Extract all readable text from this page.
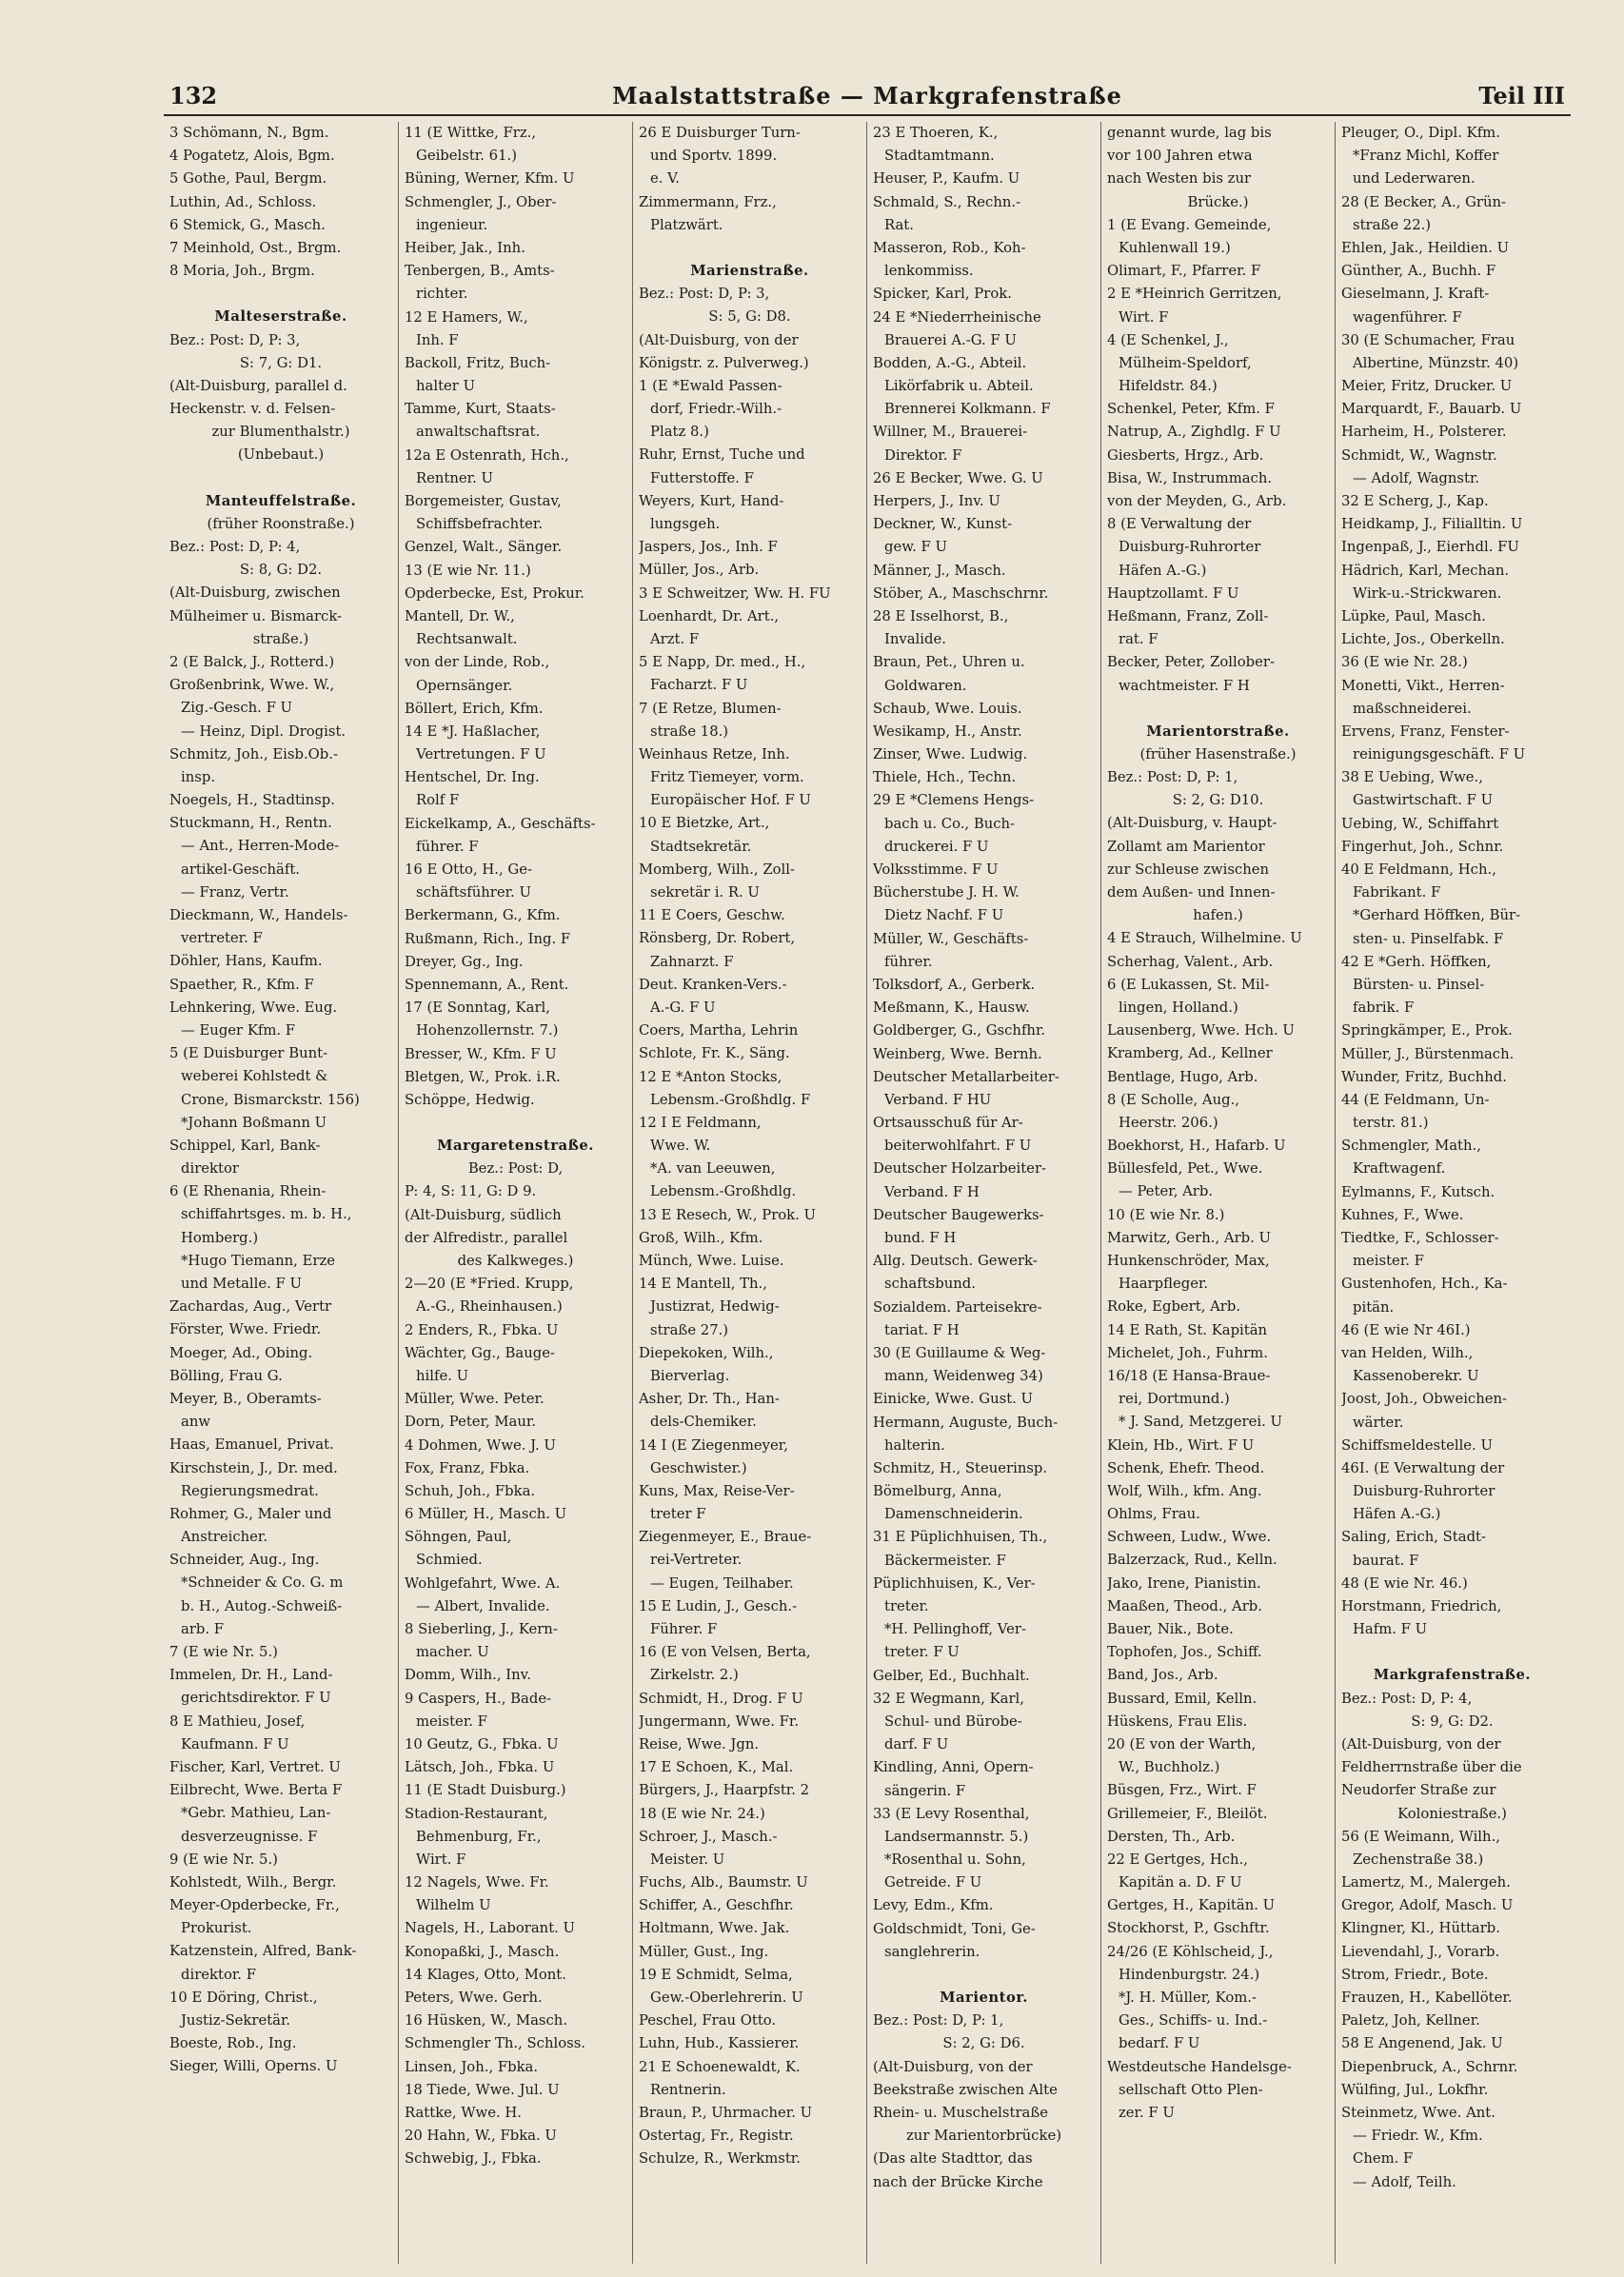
132	Maalstattstraße — Markgrafenstraße	Teil III
3 Schömann, N., Bgm.
4 Pogatetz, Alois, Bgm.
5 Gothe, Paul, Bergm.
Luthin, Ad., Schloss.
6 Stemick, G., Masch.
7 Meinhold, Ost., Brgm.
8 Moria, Joh., Brgm.
Malteserstraße.
Bez.: Post: D, P: 3,
S: 7, G: D1.
(Alt-Duisburg, parallel d.
Heckenstr. v. d. Felsen-
zur Blumenthalstr.)
(Unbebaut.)
Manteuffelstraße.
(früher Roonstraße.)
Bez.: Post: D, P: 4,
S: 8, G: D2.
(Alt-Duisburg, zwischen
Mülheimer u. Bismarck-
straße.)
2 (E Balck, J., Rotterd.)
Großenbrink, Wwe. W.,
Zig.-Gesch. F U
— Heinz, Dipl. Drogist.
Schmitz, Joh., Eisb.Ob.-
insp.
Noegels, H., Stadtinsp.
Stuckmann, H., Rentn.
— Ant., Herren-Mode-
artikel-Geschäft.
— Franz, Vertr.
Dieckmann, W., Handels-
vertreter. F
Döhler, Hans, Kaufm.
Spaether, R., Kfm. F
Lehnkering, Wwe. Eug.
— Euger Kfm. F
5 (E Duisburger Bunt-
weberei Kohlstedt &
Crone, Bismarckstr. 156)
*Johann Boßmann U
Schippel, Karl, Bank-
direktor
6 (E Rhenania, Rhein-
schiffahrtsges. m. b. H.,
Homberg.)
*Hugo Tiemann, Erze
und Metalle. F U
Zachardas, Aug., Vertr
Förster, Wwe. Friedr.
Moeger, Ad., Obing.
Bölling, Frau G.
Meyer, B., Oberamts-
anw
Haas, Emanuel, Privat.
Kirschstein, J., Dr. med.
Regierungsmedrat.
Rohmer, G., Maler und
Anstreicher.
Schneider, Aug., Ing.
*Schneider & Co. G. m
b. H., Autog.-Schweiß-
arb. F
7 (E wie Nr. 5.)
Immelen, Dr. H., Land-
gerichtsdirektor. F U
8 E Mathieu, Josef,
Kaufmann. F U
Fischer, Karl, Vertret. U
Eilbrecht, Wwe. Berta F
*Gebr. Mathieu, Lan-
desverzeugnisse. F
9 (E wie Nr. 5.)
Kohlstedt, Wilh., Bergr.
Meyer-Opderbecke, Fr.,
Prokurist.
Katzenstein, Alfred, Bank-
direktor. F
10 E Döring, Christ.,
Justiz-Sekretär.
Boeste, Rob., Ing.
Sieger, Willi, Operns. U
11 (E Wittke, Frz.,
Geibelstr. 61.)
Büning, Werner, Kfm. U
Schmengler, J., Ober-
ingenieur.
Heiber, Jak., Inh.
Tenbergen, B., Amts-
richter.
12 E Hamers, W.,
Inh. F
Backoll, Fritz, Buch-
halter U
Tamme, Kurt, Staats-
anwaltschaftsrat.
12a E Ostenrath, Hch.,
Rentner. U
Borgemeister, Gustav,
Schiffsbefrachter.
Genzel, Walt., Sänger.
13 (E wie Nr. 11.)
Opderbecke, Est, Prokur.
Mantell, Dr. W.,
Rechtsanwalt.
von der Linde, Rob.,
Opernsänger.
Böllert, Erich, Kfm.
14 E *J. Haßlacher,
Vertretungen. F U
Hentschel, Dr. Ing.
Rolf F
Eickelkamp, A., Geschäfts-
führer. F
16 E Otto, H., Ge-
schäftsführer. U
Berkermann, G., Kfm.
Rußmann, Rich., Ing. F
Dreyer, Gg., Ing.
Spennemann, A., Rent.
17 (E Sonntag, Karl,
Hohenzollernstr. 7.)
Bresser, W., Kfm. F U
Bletgen, W., Prok. i.R.
Schöppe, Hedwig.
Margaretenstraße.
Bez.: Post: D,
P: 4, S: 11, G: D 9.
(Alt-Duisburg, südlich
der Alfredistr., parallel
des Kalkweges.)
2—20 (E *Fried. Krupp,
A.-G., Rheinhausen.)
2 Enders, R., Fbka. U
Wächter, Gg., Bauge-
hilfe. U
Müller, Wwe. Peter.
Dorn, Peter, Maur.
4 Dohmen, Wwe. J. U
Fox, Franz, Fbka.
Schuh, Joh., Fbka.
6 Müller, H., Masch. U
Söhngen, Paul,
Schmied.
Wohlgefahrt, Wwe. A.
— Albert, Invalide.
8 Sieberling, J., Kern-
macher. U
Domm, Wilh., Inv.
9 Caspers, H., Bade-
meister. F
10 Geutz, G., Fbka. U
Lätsch, Joh., Fbka. U
11 (E Stadt Duisburg.)
Stadion-Restaurant,
Behmenburg, Fr.,
Wirt. F
12 Nagels, Wwe. Fr.
Wilhelm U
Nagels, H., Laborant. U
Konopaßki, J., Masch.
14 Klages, Otto, Mont.
Peters, Wwe. Gerh.
16 Hüsken, W., Masch.
Schmengler Th., Schloss.
Linsen, Joh., Fbka.
18 Tiede, Wwe. Jul. U
Rattke, Wwe. H.
20 Hahn, W., Fbka. U
Schwebig, J., Fbka.
26 E Duisburger Turn-
und Sportv. 1899.
e. V.
Zimmermann, Frz.,
Platzwärt.
Marienstraße.
Bez.: Post: D, P: 3,
S: 5, G: D8.
(Alt-Duisburg, von der
Königstr. z. Pulverweg.)
1 (E *Ewald Passen-
dorf, Friedr.-Wilh.-
Platz 8.)
Ruhr, Ernst, Tuche und
Futterstoffe. F
Weyers, Kurt, Hand-
lungsgeh.
Jaspers, Jos., Inh. F
Müller, Jos., Arb.
3 E Schweitzer, Ww. H. FU
Loenhardt, Dr. Art.,
Arzt. F
5 E Napp, Dr. med., H.,
Facharzt. F U
7 (E Retze, Blumen-
straße 18.)
Weinhaus Retze, Inh.
Fritz Tiemeyer, vorm.
Europäischer Hof. F U
10 E Bietzke, Art.,
Stadtsekretär.
Momberg, Wilh., Zoll-
sekretär i. R. U
11 E Coers, Geschw.
Rönsberg, Dr. Robert,
Zahnarzt. F
Deut. Kranken-Vers.-
A.-G. F U
Coers, Martha, Lehrin
Schlote, Fr. K., Säng.
12 E *Anton Stocks,
Lebensm.-Großhdlg. F
12 I E Feldmann,
Wwe. W.
*A. van Leeuwen,
Lebensm.-Großhdlg.
13 E Resech, W., Prok. U
Groß, Wilh., Kfm.
Münch, Wwe. Luise.
14 E Mantell, Th.,
Justizrat, Hedwig-
straße 27.)
Diepekoken, Wilh.,
Bierverlag.
Asher, Dr. Th., Han-
dels-Chemiker.
14 I (E Ziegenmeyer,
Geschwister.)
Kuns, Max, Reise-Ver-
treter F
Ziegenmeyer, E., Braue-
rei-Vertreter.
— Eugen, Teilhaber.
15 E Ludin, J., Gesch.-
Führer. F
16 (E von Velsen, Berta,
Zirkelstr. 2.)
Schmidt, H., Drog. F U
Jungermann, Wwe. Fr.
Reise, Wwe. Jgn.
17 E Schoen, K., Mal.
Bürgers, J., Haarpfstr. 2
18 (E wie Nr. 24.)
Schroer, J., Masch.-
Meister. U
Fuchs, Alb., Baumstr. U
Schiffer, A., Geschfhr.
Holtmann, Wwe. Jak.
Müller, Gust., Ing.
19 E Schmidt, Selma,
Gew.-Oberlehrerin. U
Peschel, Frau Otto.
Luhn, Hub., Kassierer.
21 E Schoenewaldt, K.
Rentnerin.
Braun, P., Uhrmacher. U
Ostertag, Fr., Registr.
Schulze, R., Werkmstr.
23 E Thoeren, K.,
Stadtamtmann.
Heuser, P., Kaufm. U
Schmald, S., Rechn.-
Rat.
Masseron, Rob., Koh-
lenkommiss.
Spicker, Karl, Prok.
24 E *Niederrheinische
Brauerei A.-G. F U
Bodden, A.-G., Abteil.
Likörfabrik u. Abteil.
Brennerei Kolkmann. F
Willner, M., Brauerei-
Direktor. F
26 E Becker, Wwe. G. U
Herpers, J., Inv. U
Deckner, W., Kunst-
gew. F U
Männer, J., Masch.
Stöber, A., Maschschrnr.
28 E Isselhorst, B.,
Invalide.
Braun, Pet., Uhren u.
Goldwaren.
Schaub, Wwe. Louis.
Wesikamp, H., Anstr.
Zinser, Wwe. Ludwig.
Thiele, Hch., Techn.
29 E *Clemens Hengs-
bach u. Co., Buch-
druckerei. F U
Volksstimme. F U
Bücherstube J. H. W.
Dietz Nachf. F U
Müller, W., Geschäfts-
führer.
Tolksdorf, A., Gerberk.
Meßmann, K., Hausw.
Goldberger, G., Gschfhr.
Weinberg, Wwe. Bernh.
Deutscher Metallarbeiter-
Verband. F HU
Ortsausschuß für Ar-
beiterwohlfahrt. F U
Deutscher Holzarbeiter-
Verband. F H
Deutscher Baugewerks-
bund. F H
Allg. Deutsch. Gewerk-
schaftsbund.
Sozialdem. Parteisekre-
tariat. F H
30 (E Guillaume & Weg-
mann, Weidenweg 34)
Einicke, Wwe. Gust. U
Hermann, Auguste, Buch-
halterin.
Schmitz, H., Steuerinsp.
Bömelburg, Anna,
Damenschneiderin.
31 E Püplichhuisen, Th.,
Bäckermeister. F
Püplichhuisen, K., Ver-
treter.
*H. Pellinghoff, Ver-
treter. F U
Gelber, Ed., Buchhalt.
32 E Wegmann, Karl,
Schul- und Bürobe-
darf. F U
Kindling, Anni, Opern-
sängerin. F
33 (E Levy Rosenthal,
Landsermannstr. 5.)
*Rosenthal u. Sohn,
Getreide. F U
Levy, Edm., Kfm.
Goldschmidt, Toni, Ge-
sanglehrerin.
Marientor.
Bez.: Post: D, P: 1,
S: 2, G: D6.
(Alt-Duisburg, von der
Beekstraße zwischen Alte
Rhein- u. Muschelstraße
zur Marientorbrücke)
(Das alte Stadttor, das
nach der Brücke Kirche
genannt wurde, lag bis
vor 100 Jahren etwa
nach Westen bis zur
Brücke.)
1 (E Evang. Gemeinde,
Kuhlenwall 19.)
Olimart, F., Pfarrer. F
2 E *Heinrich Gerritzen,
Wirt. F
4 (E Schenkel, J.,
Mülheim-Speldorf,
Hifeldstr. 84.)
Schenkel, Peter, Kfm. F
Natrup, A., Zighdlg. F U
Giesberts, Hrgz., Arb.
Bisa, W., Instrummach.
von der Meyden, G., Arb.
8 (E Verwaltung der
Duisburg-Ruhrorter
Häfen A.-G.)
Hauptzollamt. F U
Heßmann, Franz, Zoll-
rat. F
Becker, Peter, Zollober-
wachtmeister. F H
Marientorstraße.
(früher Hasenstraße.)
Bez.: Post: D, P: 1,
S: 2, G: D10.
(Alt-Duisburg, v. Haupt-
Zollamt am Marientor
zur Schleuse zwischen
dem Außen- und Innen-
hafen.)
4 E Strauch, Wilhelmine. U
Scherhag, Valent., Arb.
6 (E Lukassen, St. Mil-
lingen, Holland.)
Lausenberg, Wwe. Hch. U
Kramberg, Ad., Kellner
Bentlage, Hugo, Arb.
8 (E Scholle, Aug.,
Heerstr. 206.)
Boekhorst, H., Hafarb. U
Büllesfeld, Pet., Wwe.
— Peter, Arb.
10 (E wie Nr. 8.)
Marwitz, Gerh., Arb. U
Hunkenschröder, Max,
Haarpfleger.
Roke, Egbert, Arb.
14 E Rath, St. Kapitän
Michelet, Joh., Fuhrm.
16/18 (E Hansa-Braue-
rei, Dortmund.)
* J. Sand, Metzgerei. U
Klein, Hb., Wirt. F U
Schenk, Ehefr. Theod.
Wolf, Wilh., kfm. Ang.
Ohlms, Frau.
Schween, Ludw., Wwe.
Balzerzack, Rud., Kelln.
Jako, Irene, Pianistin.
Maaßen, Theod., Arb.
Bauer, Nik., Bote.
Tophofen, Jos., Schiff.
Band, Jos., Arb.
Bussard, Emil, Kelln.
Hüskens, Frau Elis.
20 (E von der Warth,
W., Buchholz.)
Büsgen, Frz., Wirt. F
Grillemeier, F., Bleilöt.
Dersten, Th., Arb.
22 E Gertges, Hch.,
Kapitän a. D. F U
Gertges, H., Kapitän. U
Stockhorst, P., Gschftr.
24/26 (E Köhlscheid, J.,
Hindenburgstr. 24.)
*J. H. Müller, Kom.-
Ges., Schiffs- u. Ind.-
bedarf. F U
Westdeutsche Handelsge-
sellschaft Otto Plen-
zer. F U
Pleuger, O., Dipl. Kfm.
*Franz Michl, Koffer
und Lederwaren.
28 (E Becker, A., Grün-
straße 22.)
Ehlen, Jak., Heildien. U
Günther, A., Buchh. F
Gieselmann, J. Kraft-
wagenführer. F
30 (E Schumacher, Frau
Albertine, Münzstr. 40)
Meier, Fritz, Drucker. U
Marquardt, F., Bauarb. U
Harheim, H., Polsterer.
Schmidt, W., Wagnstr.
— Adolf, Wagnstr.
32 E Scherg, J., Kap.
Heidkamp, J., Filialltin. U
Ingenpaß, J., Eierhdl. FU
Hädrich, Karl, Mechan.
Wirk-u.-Strickwaren.
Lüpke, Paul, Masch.
Lichte, Jos., Oberkelln.
36 (E wie Nr. 28.)
Monetti, Vikt., Herren-
maßschneiderei.
Ervens, Franz, Fenster-
reinigungsgeschäft. F U
38 E Uebing, Wwe.,
Gastwirtschaft. F U
Uebing, W., Schiffahrt
Fingerhut, Joh., Schnr.
40 E Feldmann, Hch.,
Fabrikant. F
*Gerhard Höffken, Bür-
sten- u. Pinselfabk. F
42 E *Gerh. Höffken,
Bürsten- u. Pinsel-
fabrik. F
Springkämper, E., Prok.
Müller, J., Bürstenmach.
Wunder, Fritz, Buchhd.
44 (E Feldmann, Un-
terstr. 81.)
Schmengler, Math.,
Kraftwagenf.
Eylmanns, F., Kutsch.
Kuhnes, F., Wwe.
Tiedtke, F., Schlosser-
meister. F
Gustenhofen, Hch., Ka-
pitän.
46 (E wie Nr 46I.)
van Helden, Wilh.,
Kassenoberekr. U
Joost, Joh., Obweichen-
wärter.
Schiffsmeldestelle. U
46I. (E Verwaltung der
Duisburg-Ruhrorter
Häfen A.-G.)
Saling, Erich, Stadt-
baurat. F
48 (E wie Nr. 46.)
Horstmann, Friedrich,
Hafm. F U
Markgrafenstraße.
Bez.: Post: D, P: 4,
S: 9, G: D2.
(Alt-Duisburg, von der
Feldherrnstraße über die
Neudorfer Straße zur
Koloniestraße.)
56 (E Weimann, Wilh.,
Zechenstraße 38.)
Lamertz, M., Malergeh.
Gregor, Adolf, Masch. U
Klingner, Kl., Hüttarb.
Lievendahl, J., Vorarb.
Strom, Friedr., Bote.
Frauzen, H., Kabellöter.
Paletz, Joh, Kellner.
58 E Angenend, Jak. U
Diepenbruck, A., Schrnr.
Wülfing, Jul., Lokfhr.
Steinmetz, Wwe. Ant.
— Friedr. W., Kfm.
Chem. F
— Adolf, Teilh.
